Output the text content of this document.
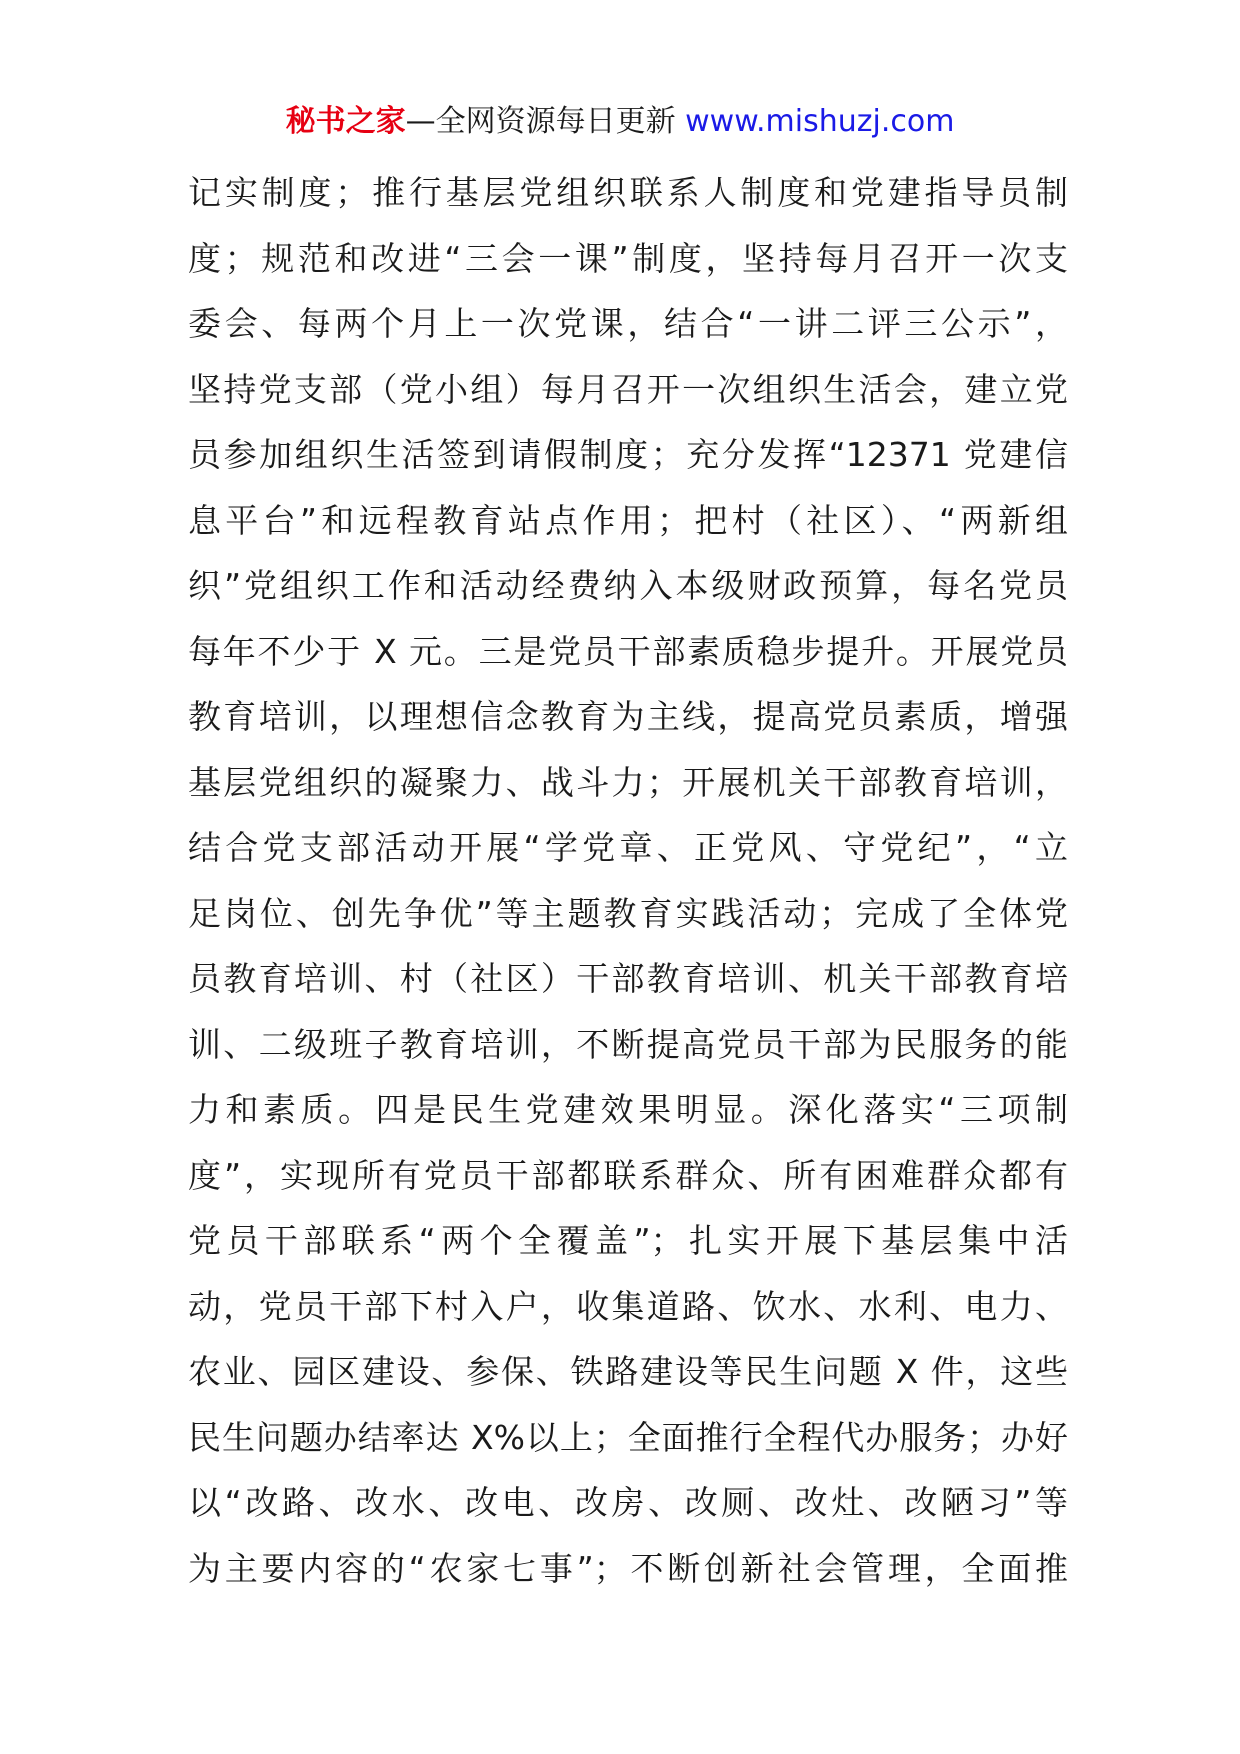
秘书之家—全网资源每日更新 www.mishuzj.com
记实制度；推行基层党组织联系人制度和党建指导员制
度；规范和改进“三会一课”制度，坚持每月召开一次支
委会、每两个月上一次党课，结合“一讲二评三公示”，
坚持党支部（党小组）每月召开一次组织生活会，建立党
员参加组织生活签到请假制度；充分发挥“12371 党建信
息平台”和远程教育站点作用；把村（社区）、“两新组
织”党组织工作和活动经费纳入本级财政预算，每名党员
每年不少于 X 元。三是党员干部素质稳步提升。开展党员
教育培训，以理想信念教育为主线，提高党员素质，增强
基层党组织的凝聚力、战斗力；开展机关干部教育培训，
结合党支部活动开展“学党章、正党风、守党纪”，“立
足岗位、创先争优”等主题教育实践活动；完成了全体党
员教育培训、村（社区）干部教育培训、机关干部教育培
训、二级班子教育培训，不断提高党员干部为民服务的能
力和素质。四是民生党建效果明显。深化落实“三项制
度”，实现所有党员干部都联系群众、所有困难群众都有
党员干部联系“两个全覆盖”；扎实开展下基层集中活
动，党员干部下村入户，收集道路、饮水、水利、电力、
农业、园区建设、参保、铁路建设等民生问题 X 件，这些
民生问题办结率达 X%以上；全面推行全程代办服务；办好
以“改路、改水、改电、改房、改厕、改灶、改陋习”等
为主要内容的“农家七事”；不断创新社会管理，全面推
